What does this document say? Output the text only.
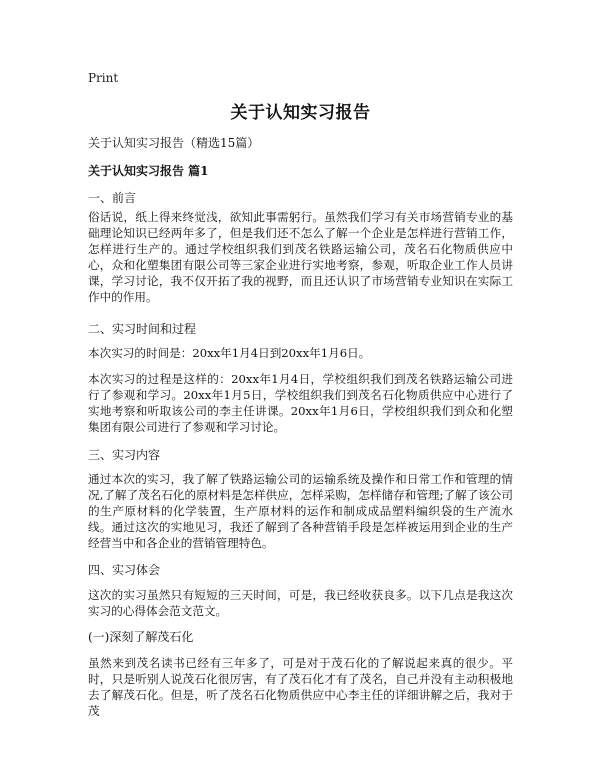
Print
关于认知实习报告
关于认知实习报告（精选15篇）
关于认知实习报告 篇1
一、前言
俗话说，纸上得来终觉浅，欲知此事需躬行。虽然我们学习有关市场营销专业的基础理论知识已经两年多了，但是我们还不怎么了解一个企业是怎样进行营销工作，怎样进行生产的。通过学校组织我们到茂名铁路运输公司，茂名石化物质供应中心，众和化塑集团有限公司等三家企业进行实地考察，参观，听取企业工作人员讲课，学习讨论，我不仅开拓了我的视野，而且还认识了市场营销专业知识在实际工作中的作用。
二、实习时间和过程
本次实习的时间是：20xx年1月4日到20xx年1月6日。
本次实习的过程是这样的：20xx年1月4日，学校组织我们到茂名铁路运输公司进行了参观和学习。20xx年1月5日，学校组织我们到茂名石化物质供应中心进行了实地考察和听取该公司的李主任讲课。20xx年1月6日，学校组织我们到众和化塑集团有限公司进行了参观和学习讨论。
三、实习内容
通过本次的实习，我了解了铁路运输公司的运输系统及操作和日常工作和管理的情况,了解了茂名石化的原材料是怎样供应，怎样采购，怎样储存和管理;了解了该公司的生产原材料的化学装置，生产原材料的运作和制成成品塑料编织袋的生产流水线。通过这次的实地见习，我还了解到了各种营销手段是怎样被运用到企业的生产经营当中和各企业的营销管理特色。
四、实习体会
这次的实习虽然只有短短的三天时间，可是，我已经收获良多。以下几点是我这次实习的心得体会范文范文。
(一)深刻了解茂石化
虽然来到茂名读书已经有三年多了，可是对于茂石化的了解说起来真的很少。平时，只是听别人说茂石化很厉害，有了茂石化才有了茂名，自己并没有主动积极地去了解茂石化。但是，听了茂名石化物质供应中心李主任的详细讲解之后，我对于茂
